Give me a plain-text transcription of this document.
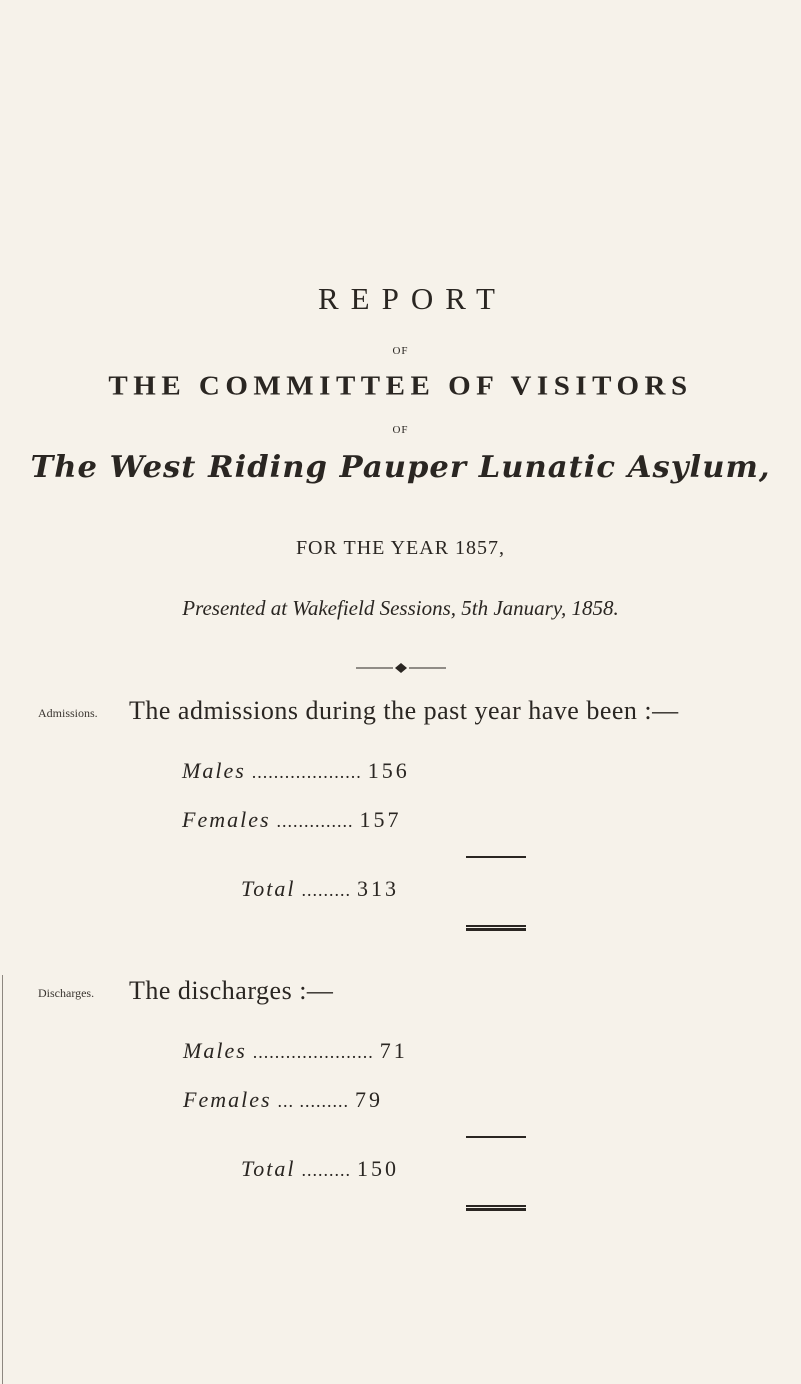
REPORT
OF
THE COMMITTEE OF VISITORS
OF
The West Riding Pauper Lunatic Asylum,
FOR THE YEAR 1857,
Presented at Wakefield Sessions, 5th January, 1858.
Admissions. The admissions during the past year have been :—
Males .................... 156
Females .............. 157
Total ......... 313
Discharges. The discharges :—
Males ...................... 71
Females ... ......... 79
Total ......... 150
